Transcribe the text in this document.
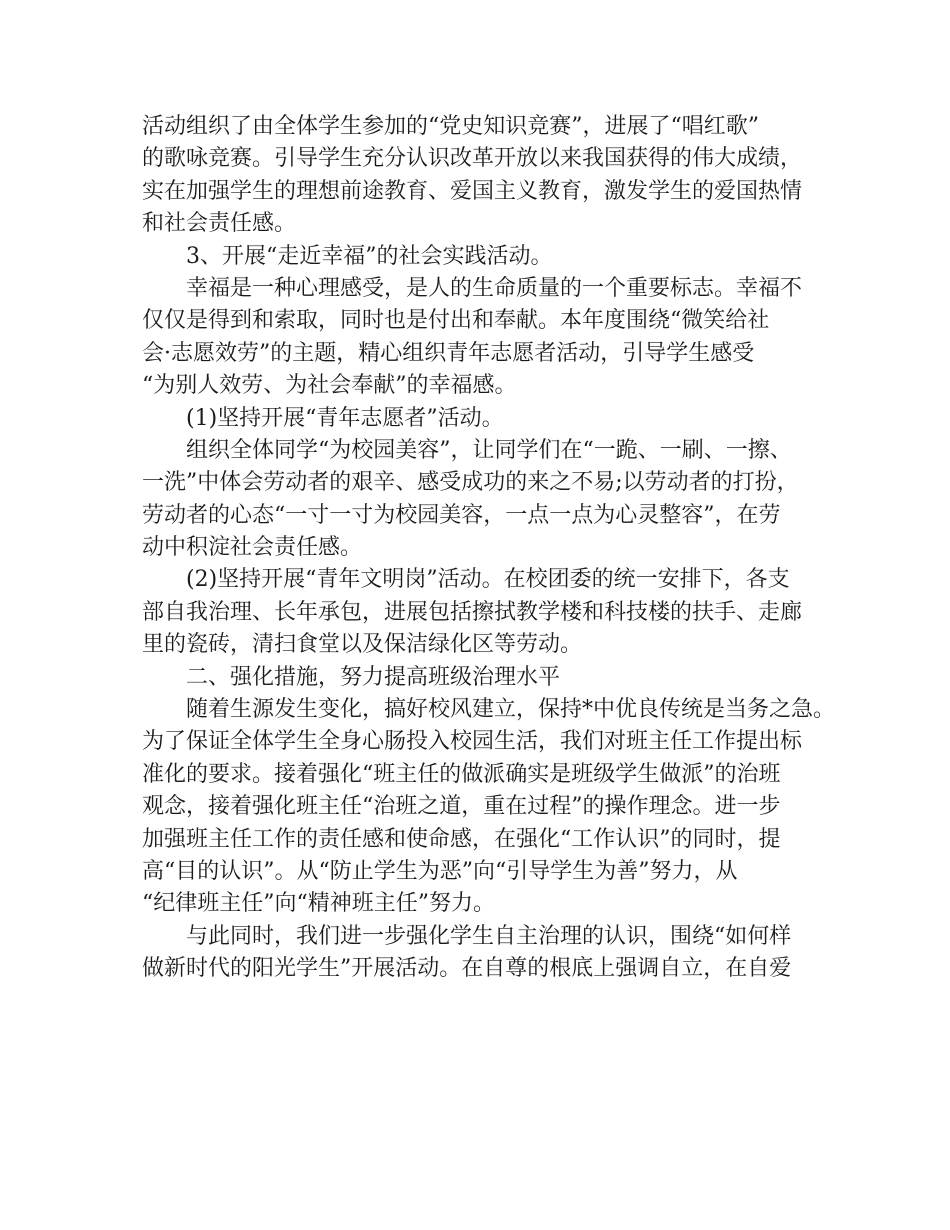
活动组织了由全体学生参加的“党史知识竞赛”，进展了“唱红歌”
的歌咏竞赛。引导学生充分认识改革开放以来我国获得的伟大成绩，
实在加强学生的理想前途教育、爱国主义教育，激发学生的爱国热情
和社会责任感。
3、开展“走近幸福”的社会实践活动。
幸福是一种心理感受，是人的生命质量的一个重要标志。幸福不
仅仅是得到和索取，同时也是付出和奉献。本年度围绕“微笑给社
会·志愿效劳”的主题，精心组织青年志愿者活动，引导学生感受
“为别人效劳、为社会奉献”的幸福感。
(1)坚持开展“青年志愿者”活动。
组织全体同学“为校园美容”，让同学们在“一跪、一刷、一擦、
一洗”中体会劳动者的艰辛、感受成功的来之不易;以劳动者的打扮，
劳动者的心态“一寸一寸为校园美容，一点一点为心灵整容”，在劳
动中积淀社会责任感。
(2)坚持开展“青年文明岗”活动。在校团委的统一安排下，各支
部自我治理、长年承包，进展包括擦拭教学楼和科技楼的扶手、走廊
里的瓷砖，清扫食堂以及保洁绿化区等劳动。
二、强化措施，努力提高班级治理水平
随着生源发生变化，搞好校风建立，保持*中优良传统是当务之急。
为了保证全体学生全身心肠投入校园生活，我们对班主任工作提出标
准化的要求。接着强化“班主任的做派确实是班级学生做派”的治班
观念，接着强化班主任“治班之道，重在过程”的操作理念。进一步
加强班主任工作的责任感和使命感，在强化“工作认识”的同时，提
高“目的认识”。从“防止学生为恶”向“引导学生为善”努力，从
“纪律班主任”向“精神班主任”努力。
与此同时，我们进一步强化学生自主治理的认识，围绕“如何样
做新时代的阳光学生”开展活动。在自尊的根底上强调自立，在自爱
